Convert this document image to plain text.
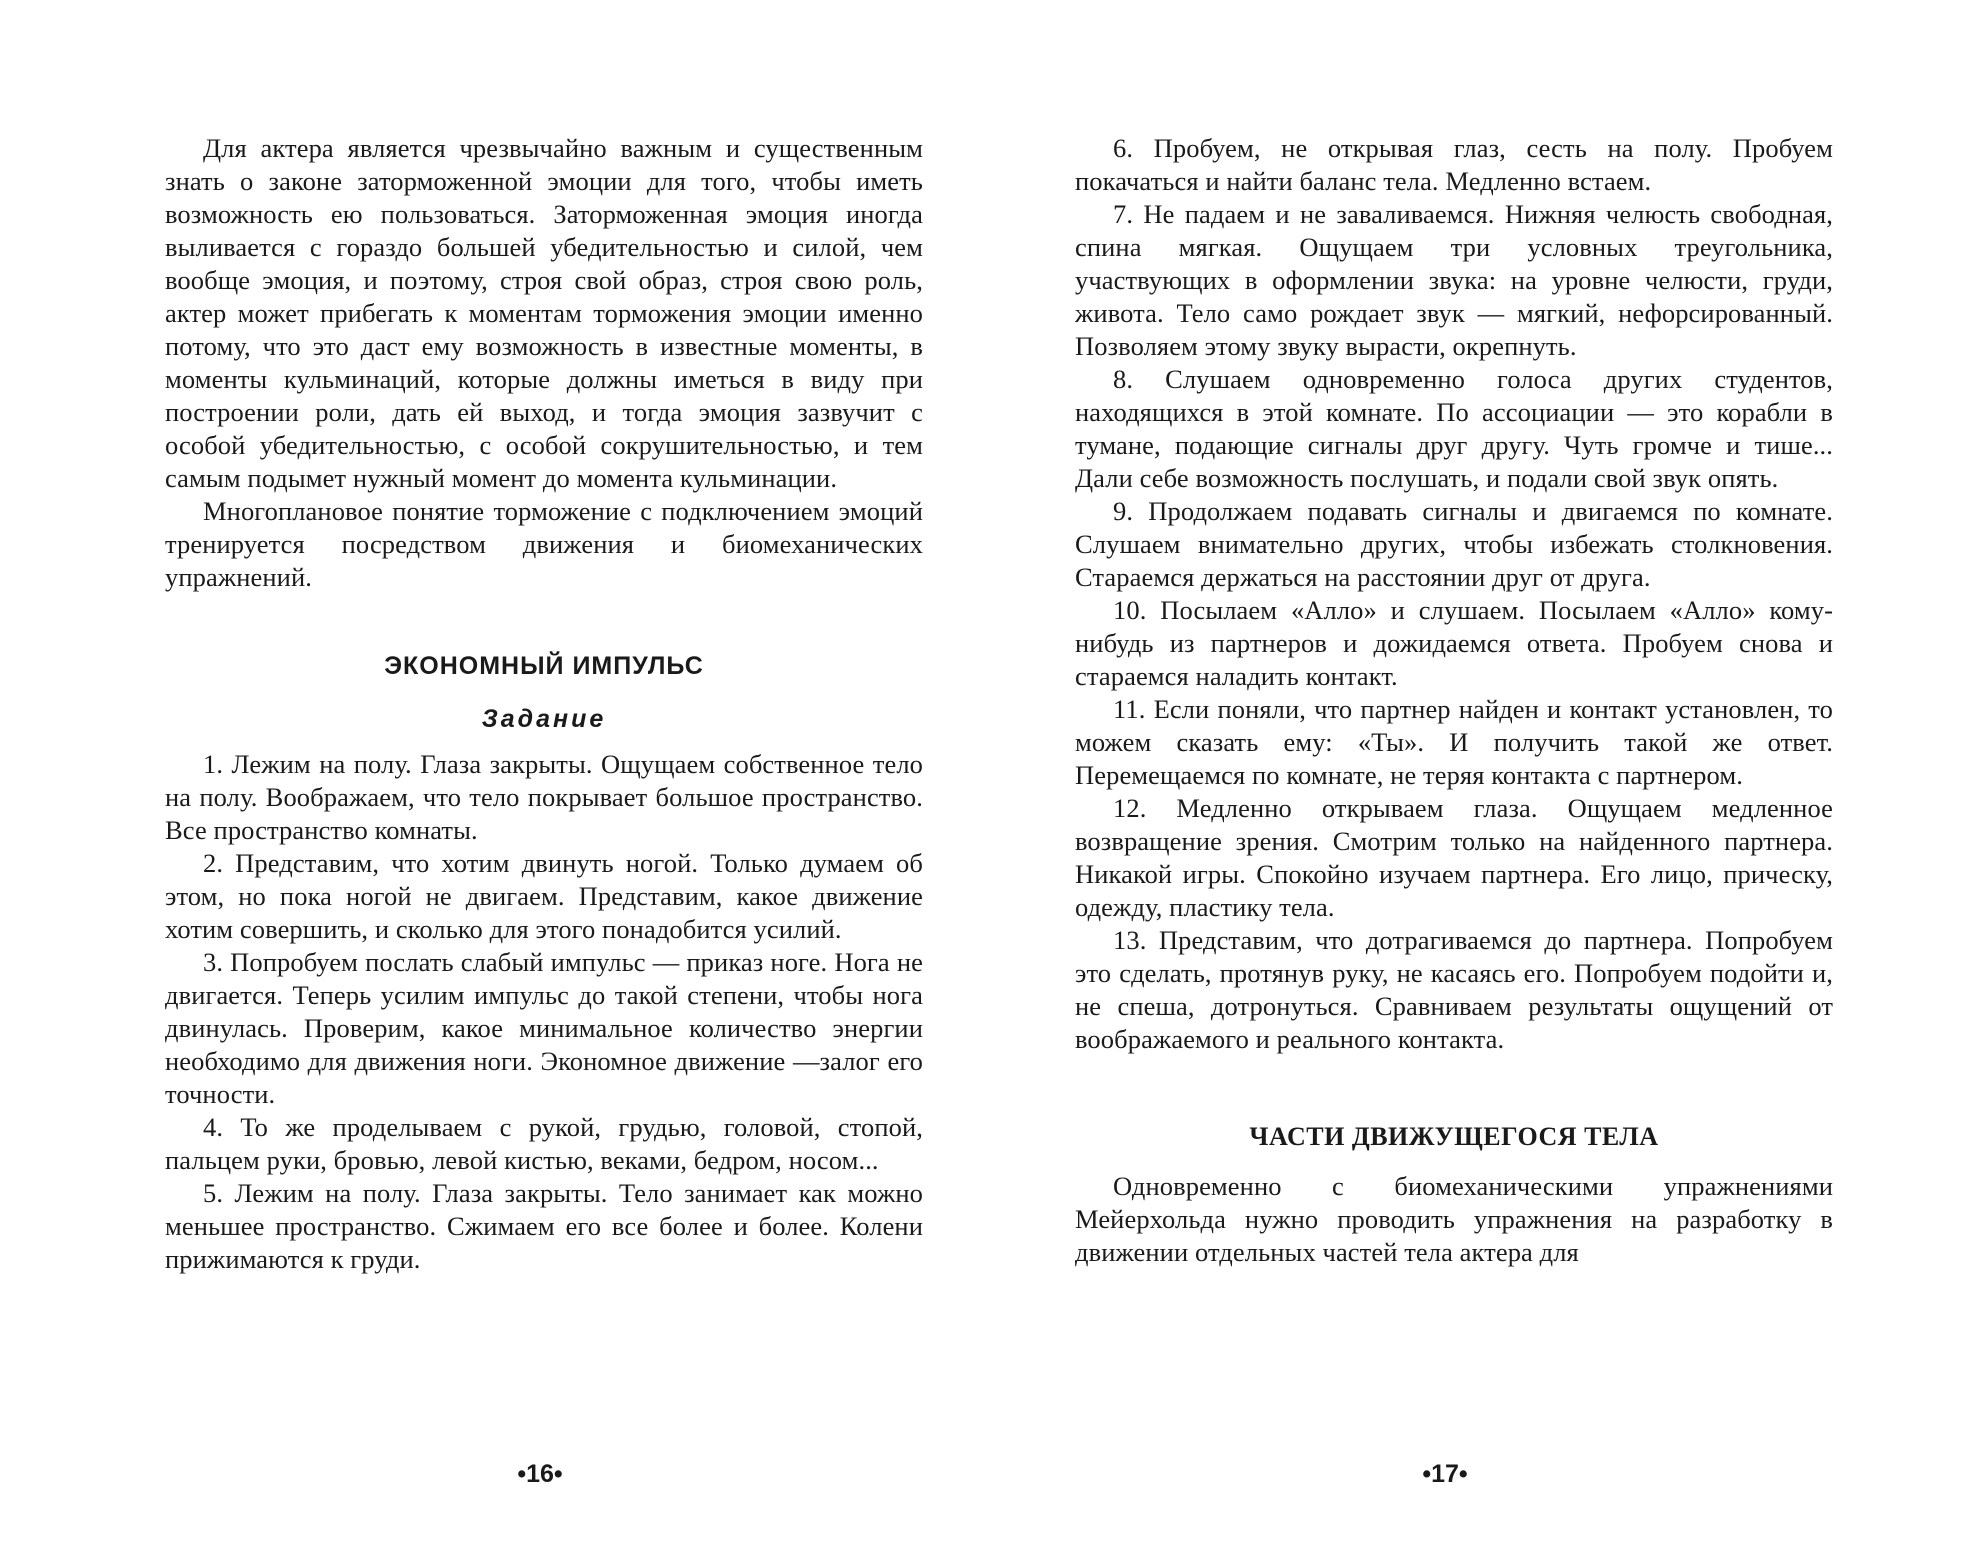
Для актера является чрезвычайно важным и существенным знать о законе заторможенной эмоции для того, чтобы иметь возможность ею пользоваться. Заторможенная эмоция иногда выливается с гораздо большей убедительностью и силой, чем вообще эмоция, и поэтому, строя свой образ, строя свою роль, актер может прибегать к моментам торможения эмоции именно потому, что это даст ему возможность в известные моменты, в моменты кульминаций, которые должны иметься в виду при построении роли, дать ей выход, и тогда эмоция зазвучит с особой убедительностью, с особой сокрушительностью, и тем самым подымет нужный момент до момента кульминации.

Многоплановое понятие торможение с подключением эмоций тренируется посредством движения и биомеханических упражнений.

ЭКОНОМНЫЙ ИМПУЛЬС
Задание

1. Лежим на полу. Глаза закрыты. Ощущаем собственное тело на полу. Воображаем, что тело покрывает большое пространство. Все пространство комнаты.

2. Представим, что хотим двинуть ногой. Только думаем об этом, но пока ногой не двигаем. Представим, какое движение хотим совершить, и сколько для этого понадобится усилий.

3. Попробуем послать слабый импульс — приказ ноге. Нога не двигается. Теперь усилим импульс до такой степени, чтобы нога двинулась. Проверим, какое минимальное количество энергии необходимо для движения ноги. Экономное движение —залог его точности.

4. То же проделываем с рукой, грудью, головой, стопой, пальцем руки, бровью, левой кистью, веками, бедром, носом...

5. Лежим на полу. Глаза закрыты. Тело занимает как можно меньшее пространство. Сжимаем его все более и более. Колени прижимаются к груди.

•16•

6. Пробуем, не открывая глаз, сесть на полу. Пробуем покачаться и найти баланс тела. Медленно встаем.

7. Не падаем и не заваливаемся. Нижняя челюсть свободная, спина мягкая. Ощущаем три условных треугольника, участвующих в оформлении звука: на уровне челюсти, груди, живота. Тело само рождает звук — мягкий, нефорсированный. Позволяем этому звуку вырасти, окрепнуть.

8. Слушаем одновременно голоса других студентов, находящихся в этой комнате. По ассоциации — это корабли в тумане, подающие сигналы друг другу. Чуть громче и тише... Дали себе возможность послушать, и подали свой звук опять.

9. Продолжаем подавать сигналы и двигаемся по комнате. Слушаем внимательно других, чтобы избежать столкновения. Стараемся держаться на расстоянии друг от друга.

10. Посылаем «Алло» и слушаем. Посылаем «Алло» кому-нибудь из партнеров и дожидаемся ответа. Пробуем снова и стараемся наладить контакт.

11. Если поняли, что партнер найден и контакт установлен, то можем сказать ему: «Ты». И получить такой же ответ. Перемещаемся по комнате, не теряя контакта с партнером.

12. Медленно открываем глаза. Ощущаем медленное возвращение зрения. Смотрим только на найденного партнера. Никакой игры. Спокойно изучаем партнера. Его лицо, прическу, одежду, пластику тела.

13. Представим, что дотрагиваемся до партнера. Попробуем это сделать, протянув руку, не касаясь его. Попробуем подойти и, не спеша, дотронуться. Сравниваем результаты ощущений от воображаемого и реального контакта.

ЧАСТИ ДВИЖУЩЕГОСЯ ТЕЛА

Одновременно с биомеханическими упражнениями Мейерхольда нужно проводить упражнения на разработку в движении отдельных частей тела актера для

•17•
